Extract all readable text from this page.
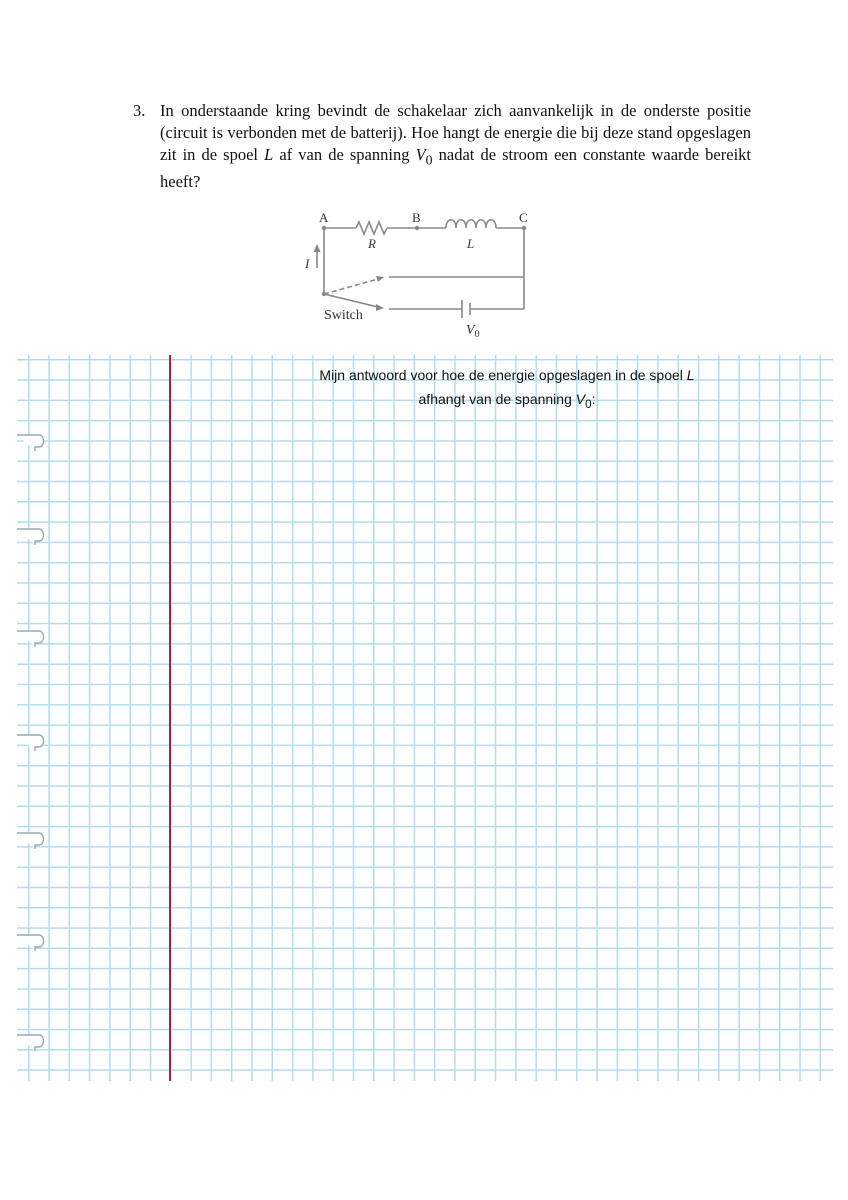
3. In onderstaande kring bevindt de schakelaar zich aanvankelijk in de onderste positie (circuit is verbonden met de batterij). Hoe hangt de energie die bij deze stand opgeslagen zit in de spoel L af van de spanning $V_0$ nadat de stroom een constante waarde bereikt heeft?
A	B	C
R	L
I
Switch
$V_0$
Mijn antwoord voor hoe de energie opgeslagen in de spoel L
afhangt van de spanning $V_0$:
